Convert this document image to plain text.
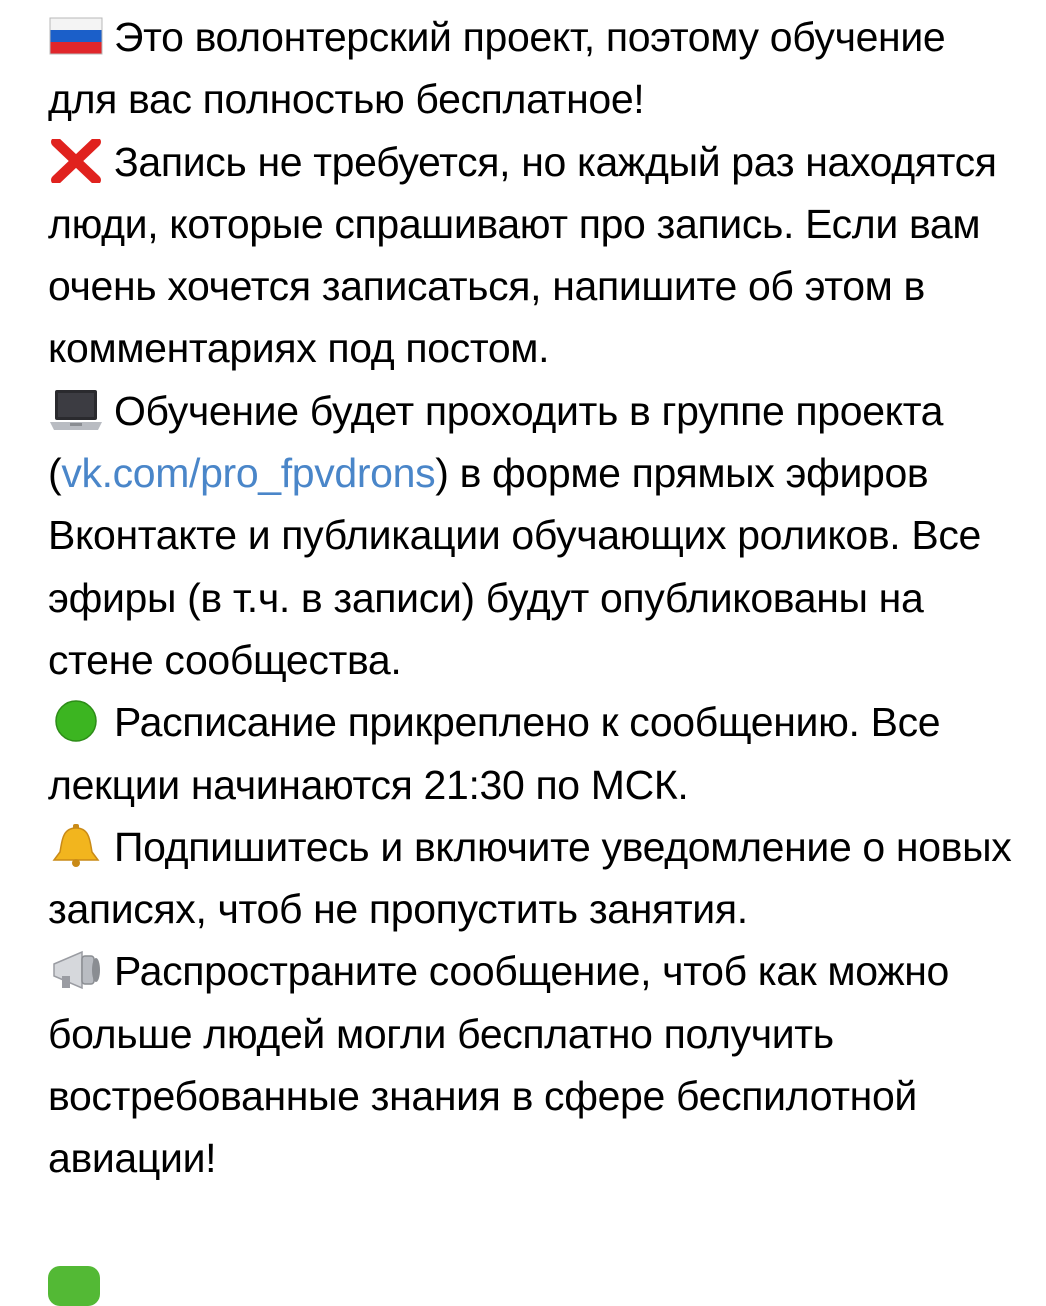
Это волонтерский проект, поэтому обучение для вас полностью бесплатное!

Запись не требуется, но каждый раз находятся люди, которые спрашивают про запись. Если вам очень хочется записаться, напишите об этом в комментариях под постом.

Обучение будет проходить в группе проекта (vk.com/pro_fpvdrons) в форме прямых эфиров Вконтакте и публикации обучающих роликов. Все эфиры (в т.ч. в записи) будут опубликованы на стене сообщества.

Расписание прикреплено к сообщению. Все лекции начинаются 21:30 по МСК.

Подпишитесь и включите уведомление о новых записях, чтоб не пропустить занятия.

Распространите сообщение, чтоб как можно больше людей могли бесплатно получить востребованные знания в сфере беспилотной авиации!
